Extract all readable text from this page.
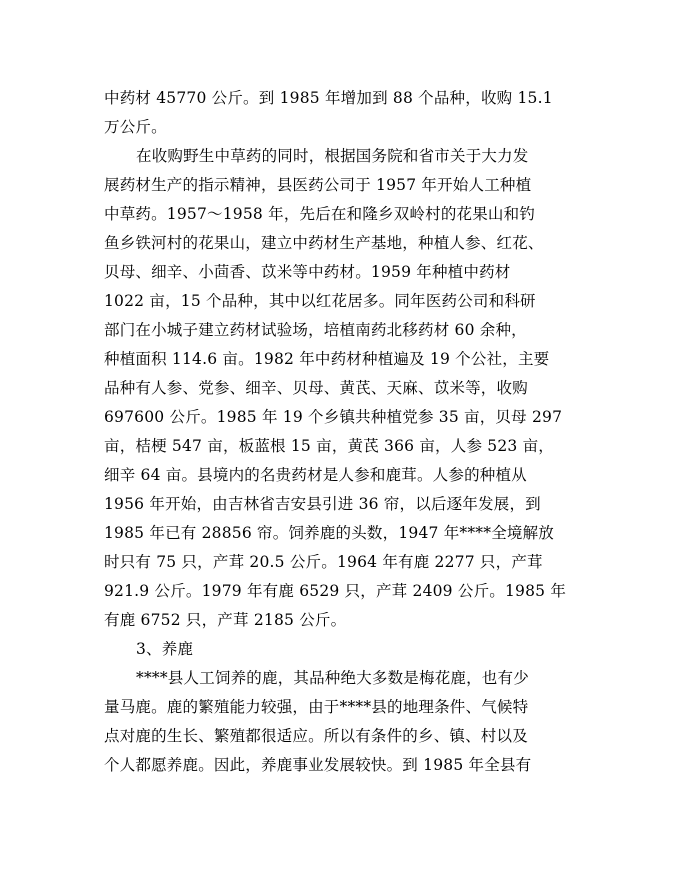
中药材 45770 公斤。到 1985 年增加到 88 个品种，收购 15.1
万公斤。
在收购野生中草药的同时，根据国务院和省市关于大力发
展药材生产的指示精神，县医药公司于 1957 年开始人工种植
中草药。1957～1958 年，先后在和隆乡双岭村的花果山和钓
鱼乡铁河村的花果山，建立中药材生产基地，种植人参、红花、
贝母、细辛、小茴香、苡米等中药材。1959 年种植中药材
1022 亩，15 个品种，其中以红花居多。同年医药公司和科研
部门在小城子建立药材试验场，培植南药北移药材 60 余种，
种植面积 114.6 亩。1982 年中药材种植遍及 19 个公社，主要
品种有人参、党参、细辛、贝母、黄芪、天麻、苡米等，收购
697600 公斤。1985 年 19 个乡镇共种植党参 35 亩，贝母 297
亩，桔梗 547 亩，板蓝根 15 亩，黄芪 366 亩，人参 523 亩，
细辛 64 亩。县境内的名贵药材是人参和鹿茸。人参的种植从
1956 年开始，由吉林省吉安县引进 36 帘，以后逐年发展，到
1985 年已有 28856 帘。饲养鹿的头数，1947 年****全境解放
时只有 75 只，产茸 20.5 公斤。1964 年有鹿 2277 只，产茸
921.9 公斤。1979 年有鹿 6529 只，产茸 2409 公斤。1985 年
有鹿 6752 只，产茸 2185 公斤。
3、养鹿
****县人工饲养的鹿，其品种绝大多数是梅花鹿，也有少
量马鹿。鹿的繁殖能力较强，由于****县的地理条件、气候特
点对鹿的生长、繁殖都很适应。所以有条件的乡、镇、村以及
个人都愿养鹿。因此，养鹿事业发展较快。到 1985 年全县有
